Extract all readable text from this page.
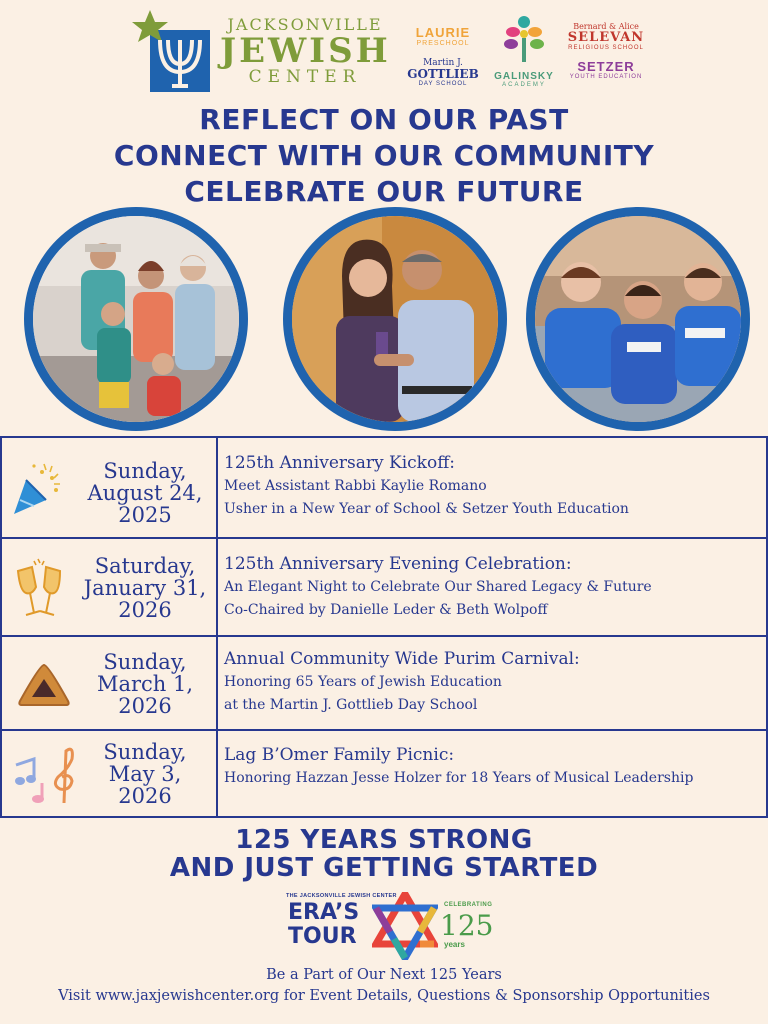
JACKSONVILLE
JEWISH
CENTER
LAURIE
PRESCHOOL
Martin J.
GOTTLIEB
DAY SCHOOL
GALINSKY
ACADEMY
Bernard & Alice
SELEVAN
RELIGIOUS SCHOOL
SETZER
YOUTH EDUCATION
REFLECT ON OUR PAST
CONNECT WITH OUR COMMUNITY
CELEBRATE OUR FUTURE
Sunday,
August 24,
2025
125th Anniversary Kickoff:
Meet Assistant Rabbi Kaylie Romano
Usher in a New Year of School & Setzer Youth Education
Saturday,
January 31,
2026
125th Anniversary Evening Celebration:
An Elegant Night to Celebrate Our Shared Legacy & Future
Co-Chaired by Danielle Leder & Beth Wolpoff
Sunday,
March 1,
2026
Annual Community Wide Purim Carnival:
Honoring 65 Years of Jewish Education
at the Martin J. Gottlieb Day School
Sunday,
May 3,
2026
Lag B’Omer Family Picnic:
Honoring Hazzan Jesse Holzer for 18 Years of Musical Leadership
125 YEARS STRONG
AND JUST GETTING STARTED
THE JACKSONVILLE JEWISH CENTER
ERA’S
TOUR
CELEBRATING
125
years
Be a Part of Our Next 125 Years
Visit www.jaxjewishcenter.org for Event Details, Questions & Sponsorship Opportunities
